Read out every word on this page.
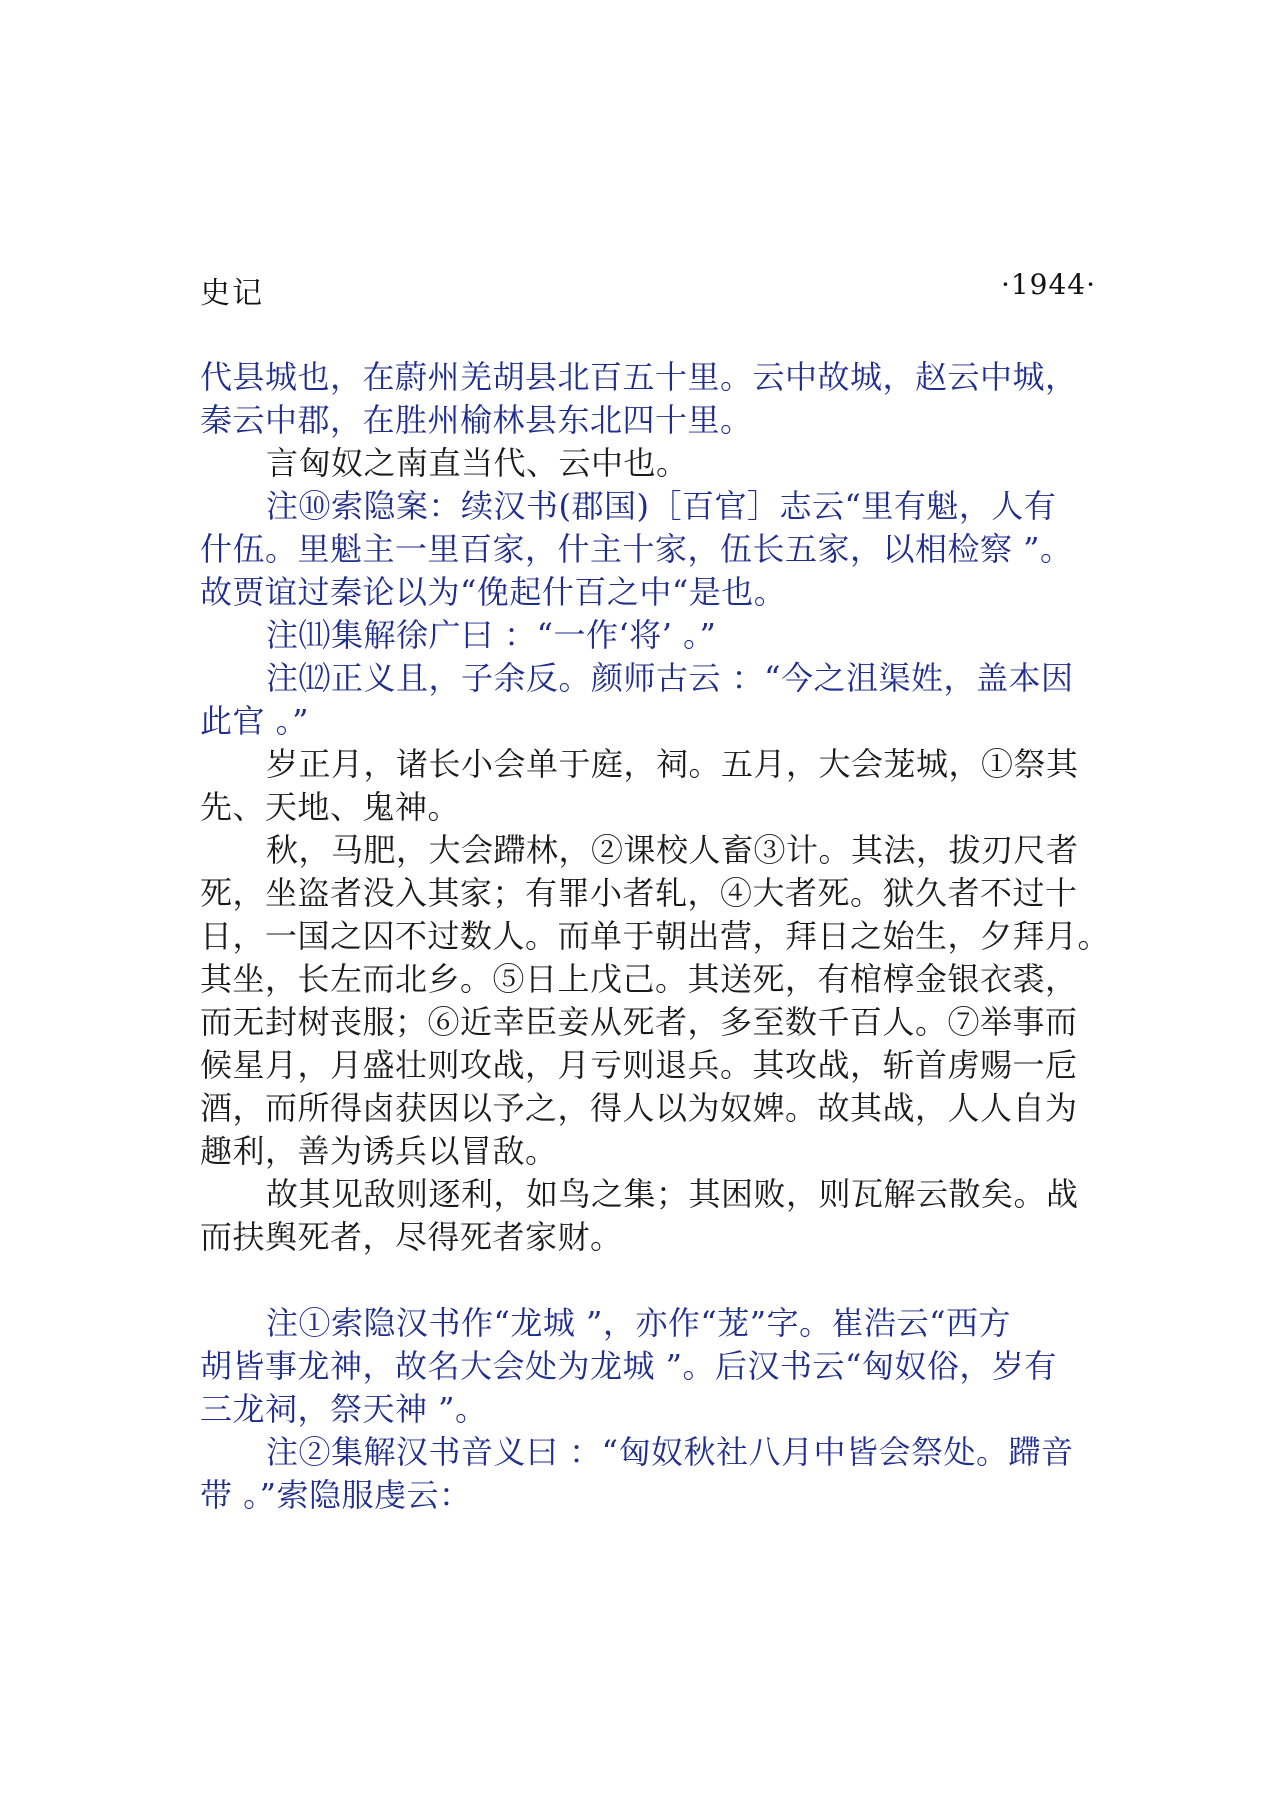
史记	·1944·
代县城也，在蔚州羌胡县北百五十里。云中故城，赵云中城，
秦云中郡，在胜州榆林县东北四十里。
言匈奴之南直当代、云中也。
注⑩索隐案：续汉书(郡国)［百官］志云“里有魁，人有
什伍。里魁主一里百家，什主十家，伍长五家，以相检察 ”。
故贾谊过秦论以为“俛起什百之中“是也。
注⑾集解徐广曰 ：“一作‘将’ 。”
注⑿正义且，子余反。颜师古云 ：“今之沮渠姓，盖本因
此官 。”
岁正月，诸长小会单于庭，祠。五月，大会茏城，①祭其
先、天地、鬼神。
秋，马肥，大会蹛林，②课校人畜③计。其法，拔刃尺者
死，坐盗者没入其家；有罪小者轧，④大者死。狱久者不过十
日，一国之囚不过数人。而单于朝出营，拜日之始生，夕拜月。
其坐，长左而北乡。⑤日上戊己。其送死，有棺椁金银衣裘，
而无封树丧服；⑥近幸臣妾从死者，多至数千百人。⑦举事而
候星月，月盛壮则攻战，月亏则退兵。其攻战，斩首虏赐一卮
酒，而所得卤获因以予之，得人以为奴婢。故其战，人人自为
趣利，善为诱兵以冒敌。
故其见敌则逐利，如鸟之集；其困败，则瓦解云散矣。战
而扶舆死者，尽得死者家财。
注①索隐汉书作“龙城 ”，亦作“茏”字。崔浩云“西方
胡皆事龙神，故名大会处为龙城 ”。后汉书云“匈奴俗，岁有
三龙祠，祭天神 ”。
注②集解汉书音义曰 ：“匈奴秋社八月中皆会祭处。蹛音
带 。”索隐服虔云：
